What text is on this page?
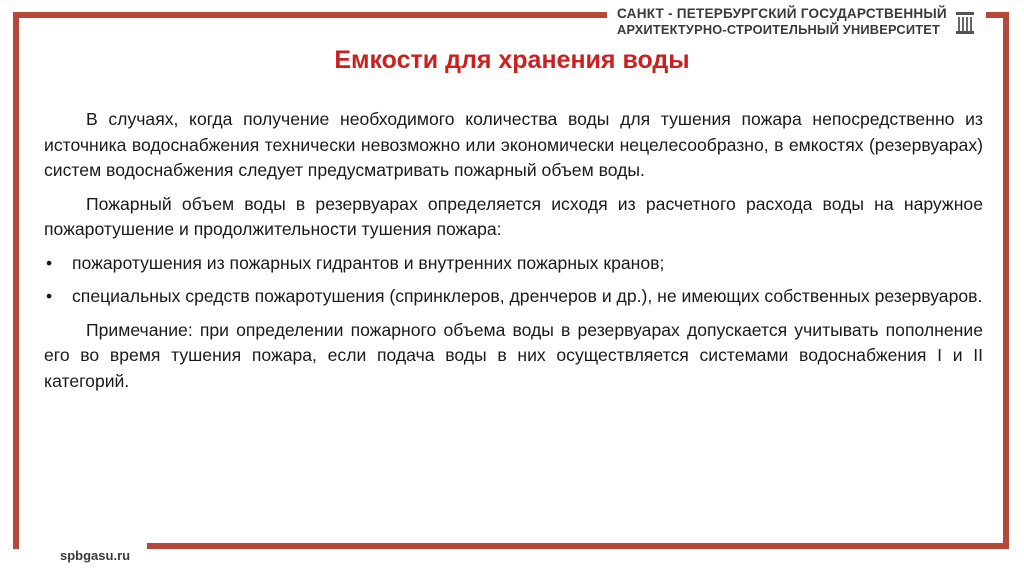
САНКТ - ПЕТЕРБУРГСКИЙ ГОСУДАРСТВЕННЫЙ
АРХИТЕКТУРНО-СТРОИТЕЛЬНЫЙ УНИВЕРСИТЕТ
Емкости для хранения воды

В случаях, когда получение необходимого количества воды для тушения пожара непосредственно из источника водоснабжения технически невозможно или экономически нецелесообразно, в емкостях (резервуарах) систем водоснабжения следует предусматривать пожарный объем воды.

Пожарный объем воды в резервуарах определяется исходя из расчетного расхода воды на наружное пожаротушение и продолжительности тушения пожара:

• пожаротушения из пожарных гидрантов и внутренних пожарных кранов;
• специальных средств пожаротушения (спринклеров, дренчеров и др.), не имеющих собственных резервуаров.

Примечание: при определении пожарного объема воды в резервуарах допускается учитывать пополнение его во время тушения пожара, если подача воды в них осуществляется системами водоснабжения I и II категорий.

spbgasu.ru
